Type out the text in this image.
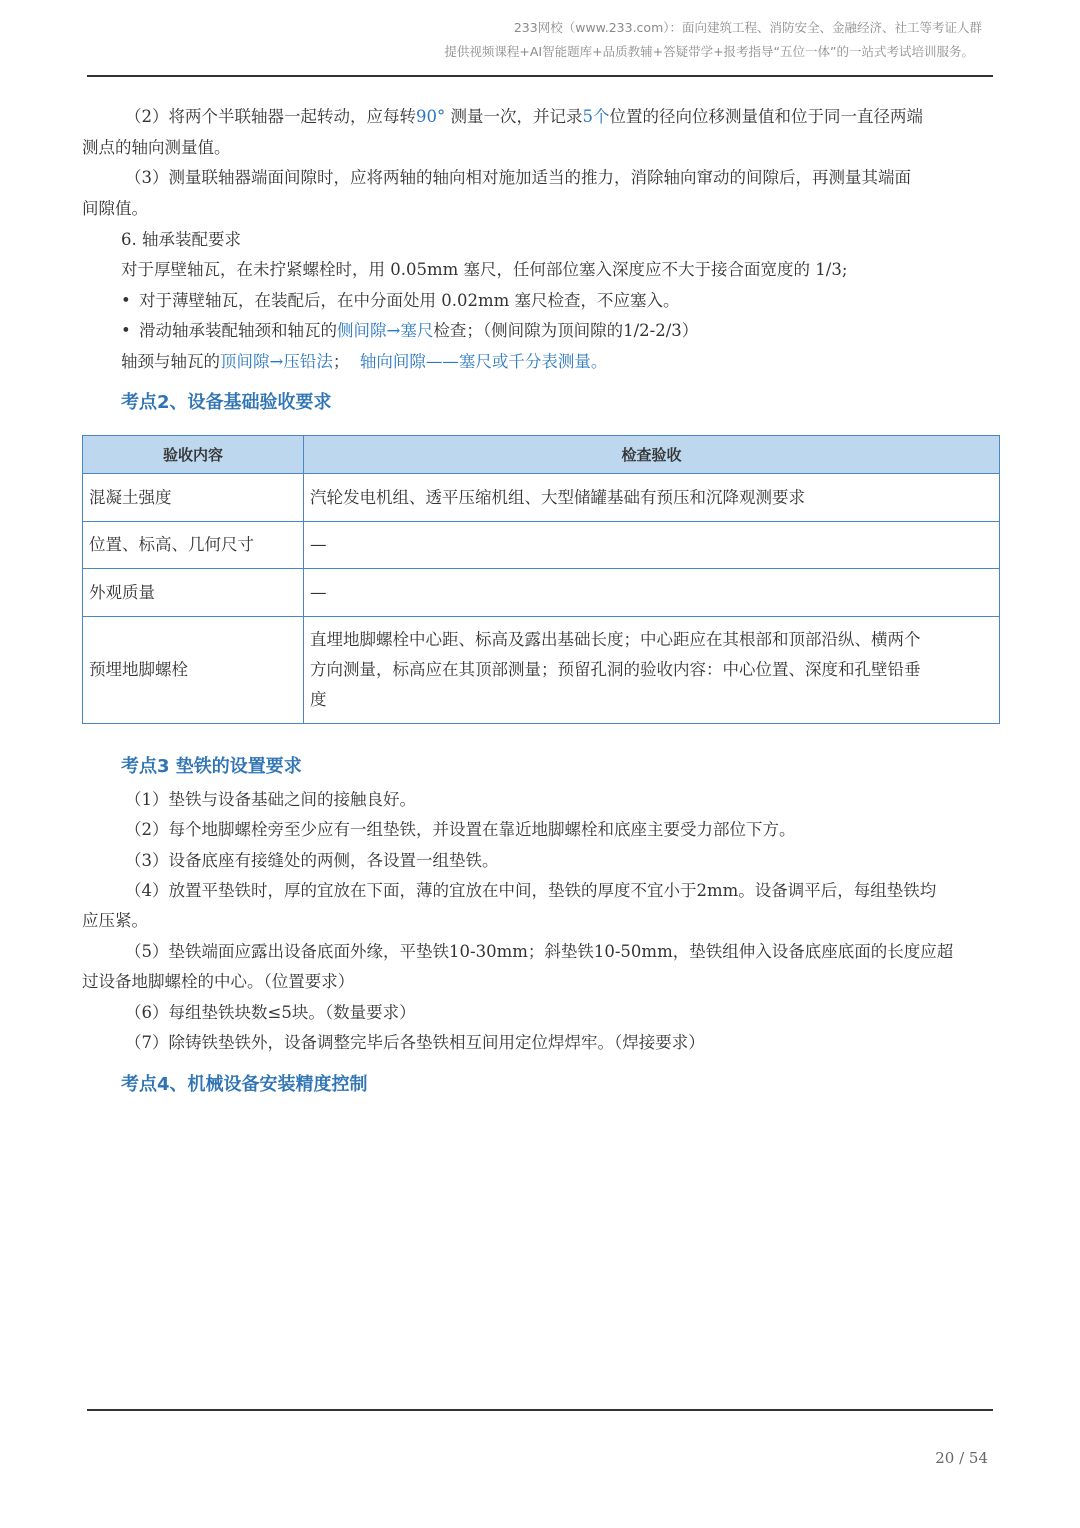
233网校（www.233.com）：面向建筑工程、消防安全、金融经济、社工等考证人群
提供视频课程+AI智能题库+品质教辅+答疑带学+报考指导“五位一体”的一站式考试培训服务。
（2）将两个半联轴器一起转动，应每转90° 测量一次，并记录5个位置的径向位移测量值和位于同一直径两端
测点的轴向测量值。
（3）测量联轴器端面间隙时，应将两轴的轴向相对施加适当的推力，消除轴向窜动的间隙后，再测量其端面
间隙值。
6. 轴承装配要求
对于厚壁轴瓦，在未拧紧螺栓时，用 0.05mm 塞尺，任何部位塞入深度应不大于接合面宽度的 1/3;
• 对于薄壁轴瓦，在装配后，在中分面处用 0.02mm 塞尺检查，不应塞入。
• 滑动轴承装配轴颈和轴瓦的侧间隙→塞尺检查；（侧间隙为顶间隙的1/2-2/3）
轴颈与轴瓦的顶间隙→压铅法； 轴向间隙——塞尺或千分表测量。
考点2、设备基础验收要求
验收内容	检查验收
混凝土强度	汽轮发电机组、透平压缩机组、大型储罐基础有预压和沉降观测要求
位置、标高、几何尺寸	—
外观质量	—
预埋地脚螺栓	直埋地脚螺栓中心距、标高及露出基础长度；中心距应在其根部和顶部沿纵、横两个
方向测量，标高应在其顶部测量；预留孔洞的验收内容：中心位置、深度和孔壁铅垂
度
考点3 垫铁的设置要求
（1）垫铁与设备基础之间的接触良好。
（2）每个地脚螺栓旁至少应有一组垫铁，并设置在靠近地脚螺栓和底座主要受力部位下方。
（3）设备底座有接缝处的两侧，各设置一组垫铁。
（4）放置平垫铁时，厚的宜放在下面，薄的宜放在中间，垫铁的厚度不宜小于2mm。设备调平后，每组垫铁均
应压紧。
（5）垫铁端面应露出设备底面外缘，平垫铁10-30mm；斜垫铁10-50mm，垫铁组伸入设备底座底面的长度应超
过设备地脚螺栓的中心。（位置要求）
（6）每组垫铁块数≤5块。（数量要求）
（7）除铸铁垫铁外，设备调整完毕后各垫铁相互间用定位焊焊牢。（焊接要求）
考点4、机械设备安装精度控制
20 / 54
